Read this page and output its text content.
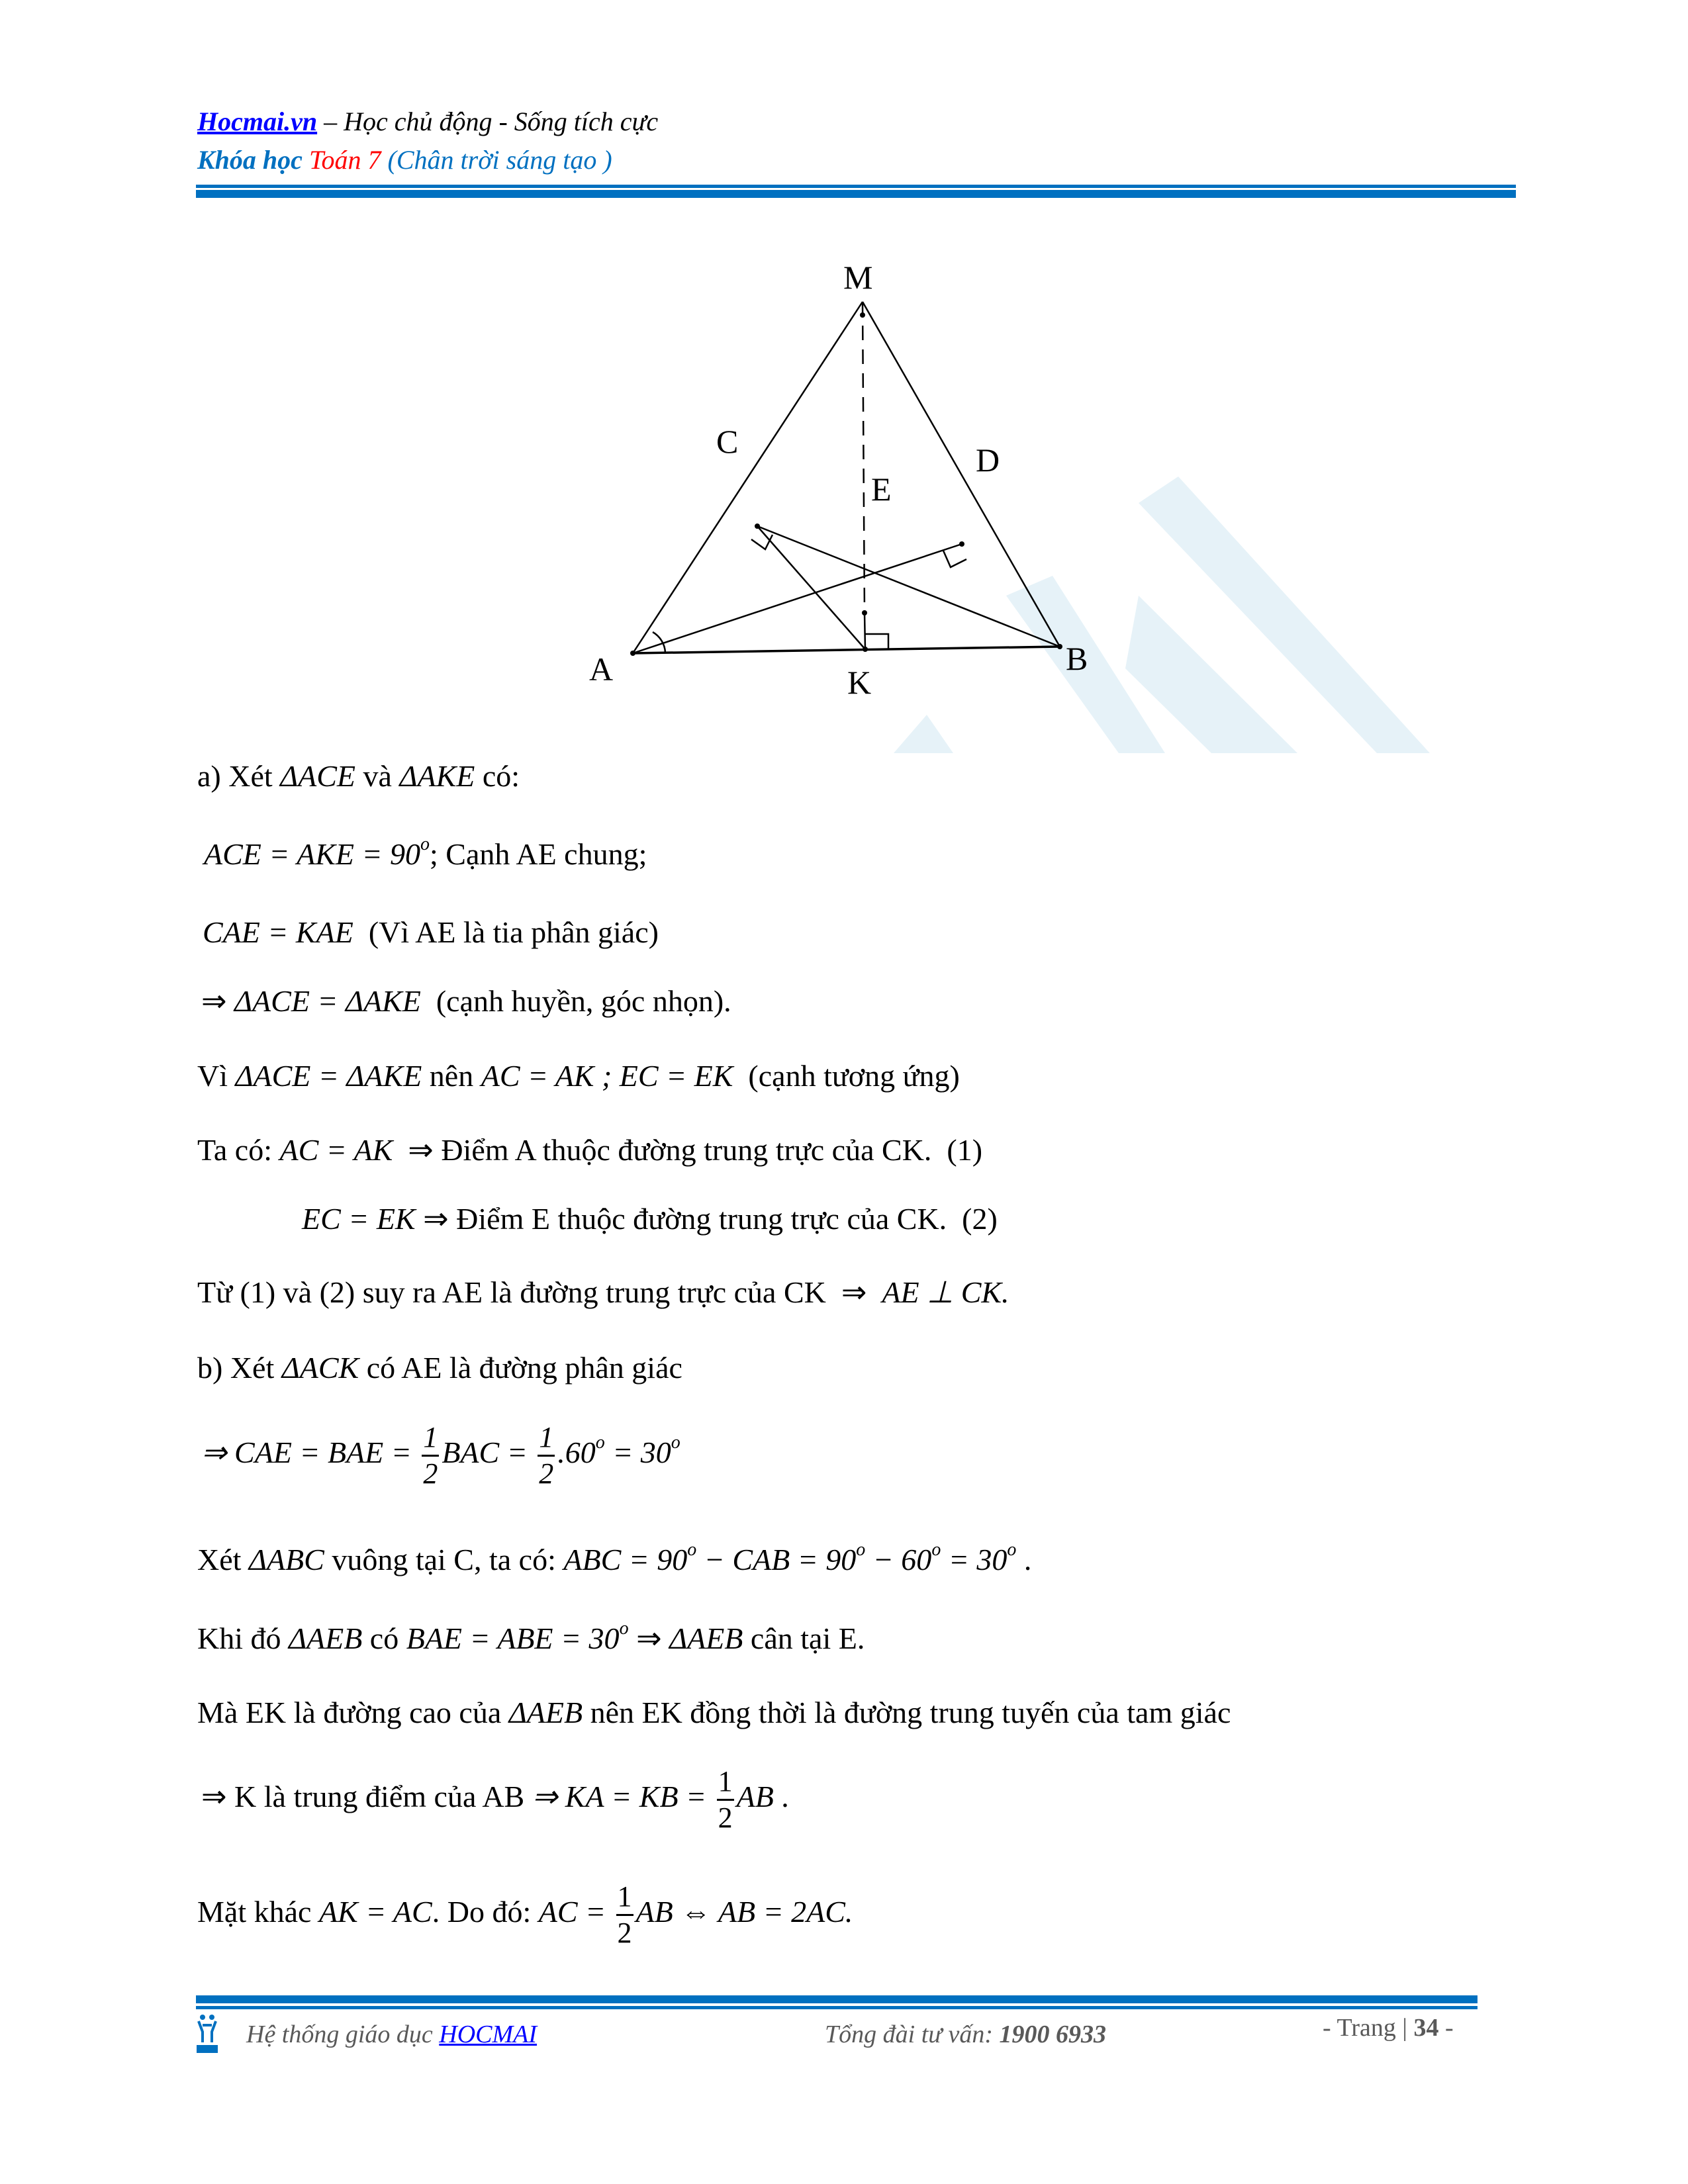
Hocmai.vn – Học chủ động - Sống tích cực
Khóa học Toán 7 (Chân trời sáng tạo )
M
C	D
E
A	K
B
a) Xét ΔACE và ΔAKE có:
ACE = AKE = $90^o$; Cạnh AE chung;
CAE = KAE  (Vì AE là tia phân giác)
⇒ ΔACE = ΔAKE  (cạnh huyền, góc nhọn).
Vì ΔACE = ΔAKE nên AC = AK ; EC = EK  (cạnh tương ứng)
Ta có: AC = AK  ⇒ Điểm A thuộc đường trung trực của CK.  (1)
EC = EK ⇒ Điểm E thuộc đường trung trực của CK.  (2)
Từ (1) và (2) suy ra AE là đường trung trực của CK  ⇒  AE ⊥ CK.
b) Xét ΔACK có AE là đường phân giác
⇒ CAE = BAE = $\frac{1}{2}$ BAC = $\frac{1}{2} .60^o = 30^o$
Xét ΔABC vuông tại C, ta có: ABC = $90^o$ − CAB = $90^o - 60^o = 30^o$ .
Khi đó ΔAEB có BAE = ABE = $30^o$ ⇒ ΔAEB cân tại E.
Mà EK là đường cao của ΔAEB nên EK đồng thời là đường trung tuyến của tam giác
⇒ K là trung điểm của AB ⇒ KA = KB = $\frac{1}{2}$ AB .
Mặt khác AK = AC. Do đó: AC = $\frac{1}{2}$ AB ⇔ AB = 2AC.
Hệ thống giáo dục HOCMAI	Tổng đài tư vấn: 1900 6933	- Trang | 34 -
